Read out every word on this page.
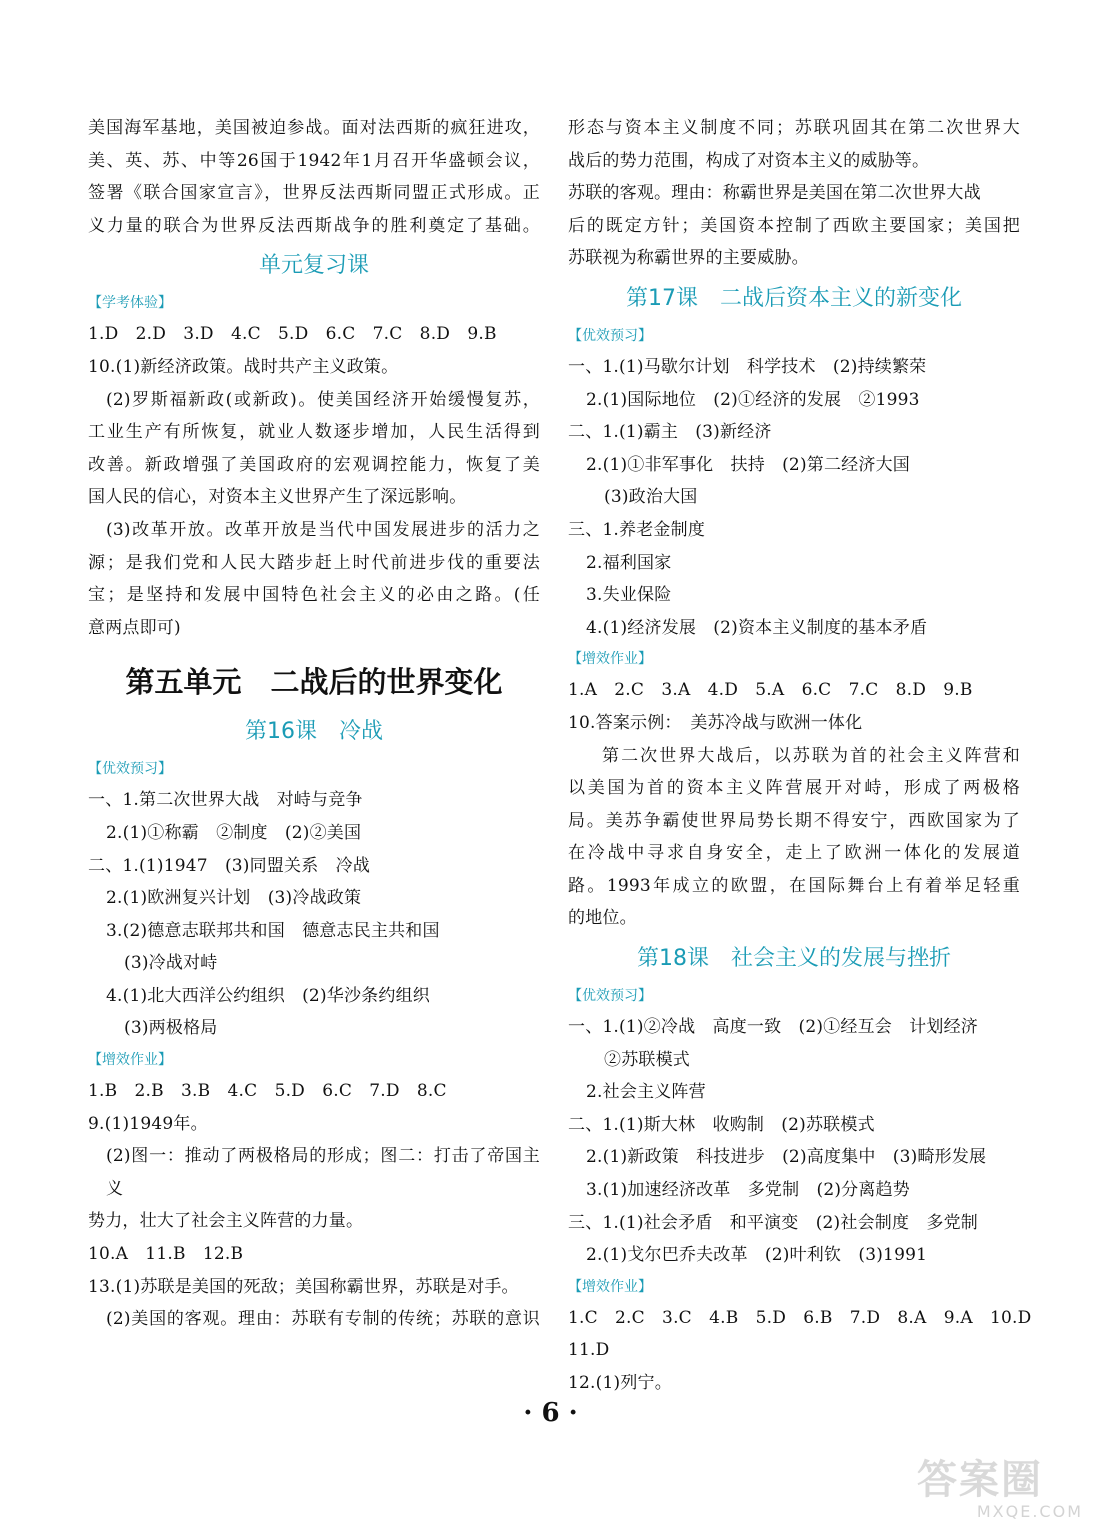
美国海军基地，美国被迫参战。面对法西斯的疯狂进攻，
美、英、苏、中等26国于1942年1月召开华盛顿会议，
签署《联合国家宣言》，世界反法西斯同盟正式形成。正
义力量的联合为世界反法西斯战争的胜利奠定了基础。
单元复习课
【学考体验】
1.D　2.D　3.D　4.C　5.D　6.C　7.C　8.D　9.B
10.(1)新经济政策。战时共产主义政策。
(2)罗斯福新政(或新政)。使美国经济开始缓慢复苏，
工业生产有所恢复，就业人数逐步增加，人民生活得到
改善。新政增强了美国政府的宏观调控能力，恢复了美
国人民的信心，对资本主义世界产生了深远影响。
(3)改革开放。改革开放是当代中国发展进步的活力之
源；是我们党和人民大踏步赶上时代前进步伐的重要法
宝；是坚持和发展中国特色社会主义的必由之路。(任
意两点即可)
第五单元　二战后的世界变化
第16课　冷战
【优效预习】
一、1.第二次世界大战　对峙与竞争
2.(1)①称霸　②制度　(2)②美国
二、1.(1)1947　(3)同盟关系　冷战
2.(1)欧洲复兴计划　(3)冷战政策
3.(2)德意志联邦共和国　德意志民主共和国
(3)冷战对峙
4.(1)北大西洋公约组织　(2)华沙条约组织
(3)两极格局
【增效作业】
1.B　2.B　3.B　4.C　5.D　6.C　7.D　8.C
9.(1)1949年。
(2)图一：推动了两极格局的形成；图二：打击了帝国主义
势力，壮大了社会主义阵营的力量。
10.A　11.B　12.B
13.(1)苏联是美国的死敌；美国称霸世界，苏联是对手。
(2)美国的客观。理由：苏联有专制的传统；苏联的意识
形态与资本主义制度不同；苏联巩固其在第二次世界大
战后的势力范围，构成了对资本主义的威胁等。
苏联的客观。理由：称霸世界是美国在第二次世界大战
后的既定方针；美国资本控制了西欧主要国家；美国把
苏联视为称霸世界的主要威胁。
第17课　二战后资本主义的新变化
【优效预习】
一、1.(1)马歇尔计划　科学技术　(2)持续繁荣
2.(1)国际地位　(2)①经济的发展　②1993
二、1.(1)霸主　(3)新经济
2.(1)①非军事化　扶持　(2)第二经济大国
(3)政治大国
三、1.养老金制度
2.福利国家
3.失业保险
4.(1)经济发展　(2)资本主义制度的基本矛盾
【增效作业】
1.A　2.C　3.A　4.D　5.A　6.C　7.C　8.D　9.B
10.答案示例：　美苏冷战与欧洲一体化
第二次世界大战后，以苏联为首的社会主义阵营和
以美国为首的资本主义阵营展开对峙，形成了两极格
局。美苏争霸使世界局势长期不得安宁，西欧国家为了
在冷战中寻求自身安全，走上了欧洲一体化的发展道
路。1993年成立的欧盟，在国际舞台上有着举足轻重
的地位。
第18课　社会主义的发展与挫折
【优效预习】
一、1.(1)②冷战　高度一致　(2)①经互会　计划经济
②苏联模式
2.社会主义阵营
二、1.(1)斯大林　收购制　(2)苏联模式
2.(1)新政策　科技进步　(2)高度集中　(3)畸形发展
3.(1)加速经济改革　多党制　(2)分离趋势
三、1.(1)社会矛盾　和平演变　(2)社会制度　多党制
2.(1)戈尔巴乔夫改革　(2)叶利钦　(3)1991
【增效作业】
1.C　2.C　3.C　4.B　5.D　6.B　7.D　8.A　9.A　10.D
11.D
12.(1)列宁。
· 6 ·
答案圈
MXQE.COM
